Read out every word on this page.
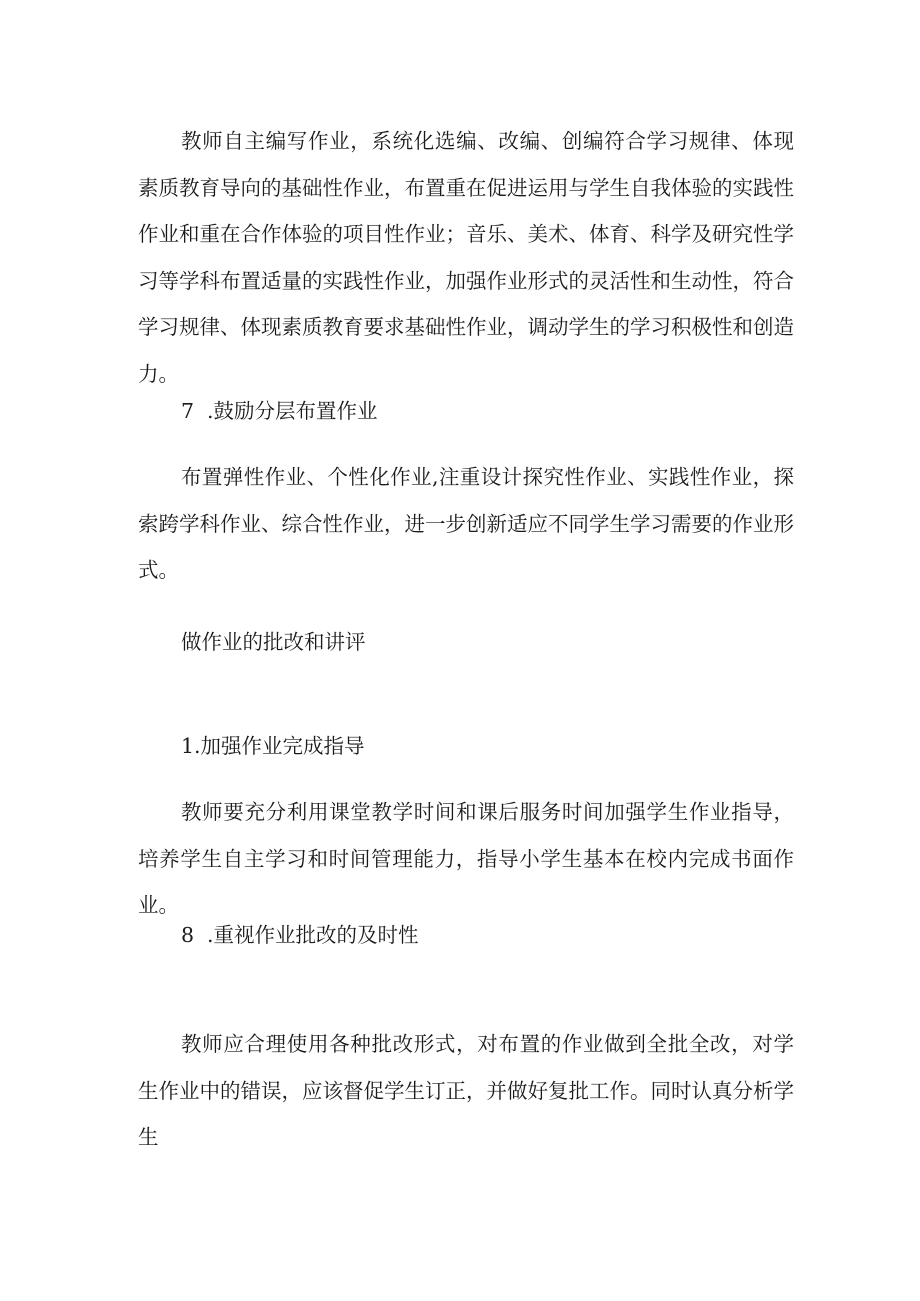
教师自主编写作业，系统化选编、改编、创编符合学习规律、体现素质教育导向的基础性作业，布置重在促进运用与学生自我体验的实践性作业和重在合作体验的项目性作业；音乐、美术、体育、科学及研究性学习等学科布置适量的实践性作业，加强作业形式的灵活性和生动性，符合学习规律、体现素质教育要求基础性作业，调动学生的学习积极性和创造力。

7 .鼓励分层布置作业

布置弹性作业、个性化作业,注重设计探究性作业、实践性作业，探索跨学科作业、综合性作业，进一步创新适应不同学生学习需要的作业形式。

做作业的批改和讲评

1.加强作业完成指导

教师要充分利用课堂教学时间和课后服务时间加强学生作业指导，培养学生自主学习和时间管理能力，指导小学生基本在校内完成书面作业。

8 .重视作业批改的及时性

教师应合理使用各种批改形式，对布置的作业做到全批全改，对学生作业中的错误，应该督促学生订正，并做好复批工作。同时认真分析学生
